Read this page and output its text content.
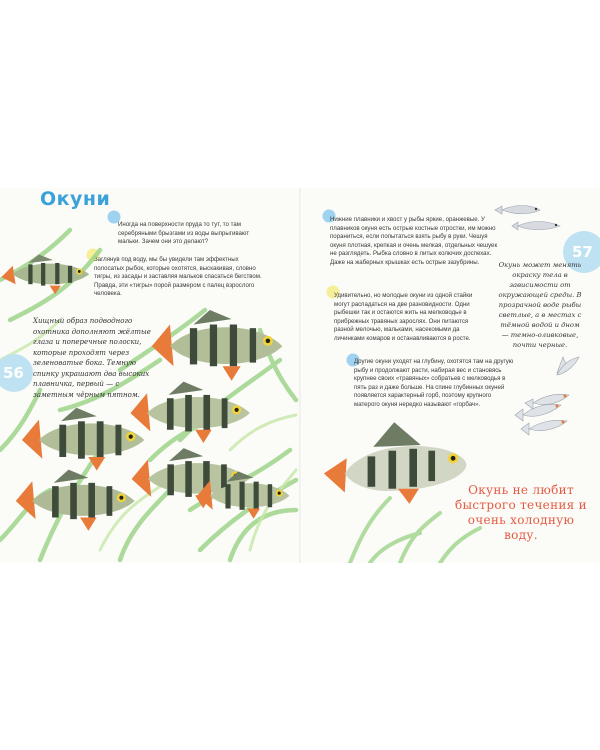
Окуни
Иногда на поверхности пруда то тут, то там серебряными брызгами из воды выпрыгивают мальки. Зачем они это делают?
Заглянув под воду, мы бы увидели там эффектных полосатых рыбок, которые охотятся, выскакивая, словно тигры, из засады и заставляя мальков спасаться бегством. Правда, эти «тигры» порой размером с палец взрослого человека.
56
Хищный образ подводного охотника дополняют жёлтые глаза и поперечные полоски, которые проходят через зеленоватые бока. Темную спинку украшают два высоких плавничка, первый — с заметным чёрным пятном.
Нижние плавники и хвост у рыбы яркие, оранжевые. У плавников окуня есть острые костные отростки, им можно пораниться, если попытаться взять рыбу в руки. Чешуя окуня плотная, крепкая и очень мелкая, отдельных чешуек не разглядеть. Рыбка словно в литых колючих доспехах. Даже на жаберных крышках есть острые зазубрины.
Удивительно, но молодые окуни из одной стайки могут распадаться на две разновидности. Одни рыбешки так и остаются жить на мелководье в прибрежных травяных зарослях. Они питаются разной мелочью, мальками, насекомыми да личинками комаров и останавливаются в росте.
Другие окуни уходят на глубину, охотятся там на другую рыбу и продолжают расти, набирая вес и становясь крупнее своих «травяных» собратьев с мелководья в пять раз и даже больше. На спине глубинных окуней появляется характерный горб, поэтому крупного матерого окуня нередко называют «горбач».
57
Окунь может менять окраску тела в зависимости от окружающей среды. В прозрачной воде рыбы светлые, а в местах с тёмной водой и дном — темно-оливковые, почти черные.
Окунь не любит быстрого течения и очень холодную воду.
